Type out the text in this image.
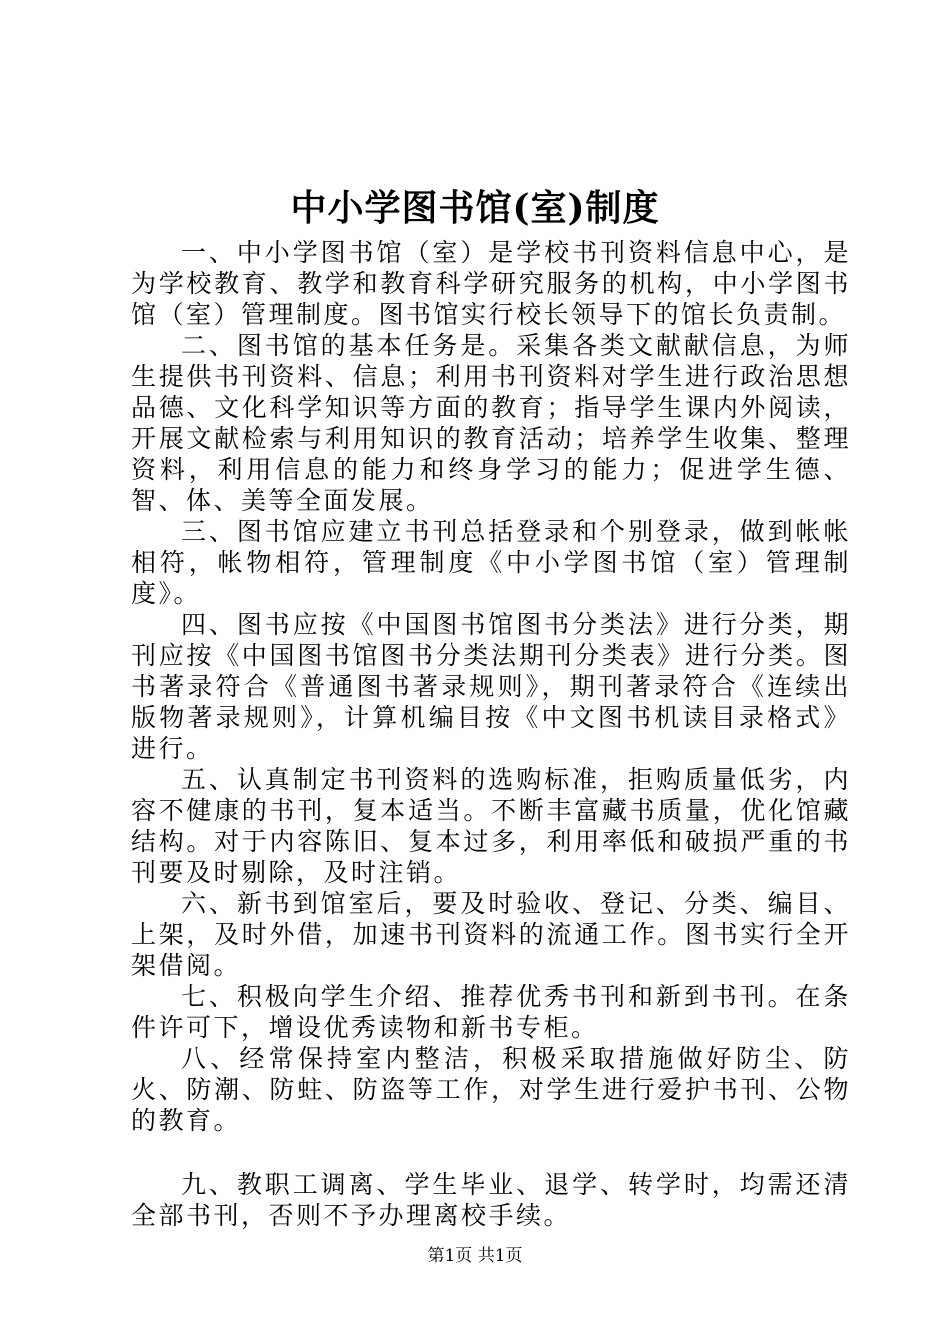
中小学图书馆(室)制度

一、中小学图书馆（室）是学校书刊资料信息中心，是为学校教育、教学和教育科学研究服务的机构，中小学图书馆（室）管理制度。图书馆实行校长领导下的馆长负责制。

二、图书馆的基本任务是。采集各类文献献信息，为师生提供书刊资料、信息；利用书刊资料对学生进行政治思想品德、文化科学知识等方面的教育；指导学生课内外阅读，开展文献检索与利用知识的教育活动；培养学生收集、整理资料，利用信息的能力和终身学习的能力；促进学生德、智、体、美等全面发展。

三、图书馆应建立书刊总括登录和个别登录，做到帐帐相符，帐物相符，管理制度《中小学图书馆（室）管理制度》。

四、图书应按《中国图书馆图书分类法》进行分类，期刊应按《中国图书馆图书分类法期刊分类表》进行分类。图书著录符合《普通图书著录规则》，期刊著录符合《连续出版物著录规则》，计算机编目按《中文图书机读目录格式》进行。

五、认真制定书刊资料的选购标准，拒购质量低劣，内容不健康的书刊，复本适当。不断丰富藏书质量，优化馆藏结构。对于内容陈旧、复本过多，利用率低和破损严重的书刊要及时剔除，及时注销。

六、新书到馆室后，要及时验收、登记、分类、编目、上架，及时外借，加速书刊资料的流通工作。图书实行全开架借阅。

七、积极向学生介绍、推荐优秀书刊和新到书刊。在条件许可下，增设优秀读物和新书专柜。

八、经常保持室内整洁，积极采取措施做好防尘、防火、防潮、防蛀、防盗等工作，对学生进行爱护书刊、公物的教育。

九、教职工调离、学生毕业、退学、转学时，均需还清全部书刊，否则不予办理离校手续。

第1页 共1页
